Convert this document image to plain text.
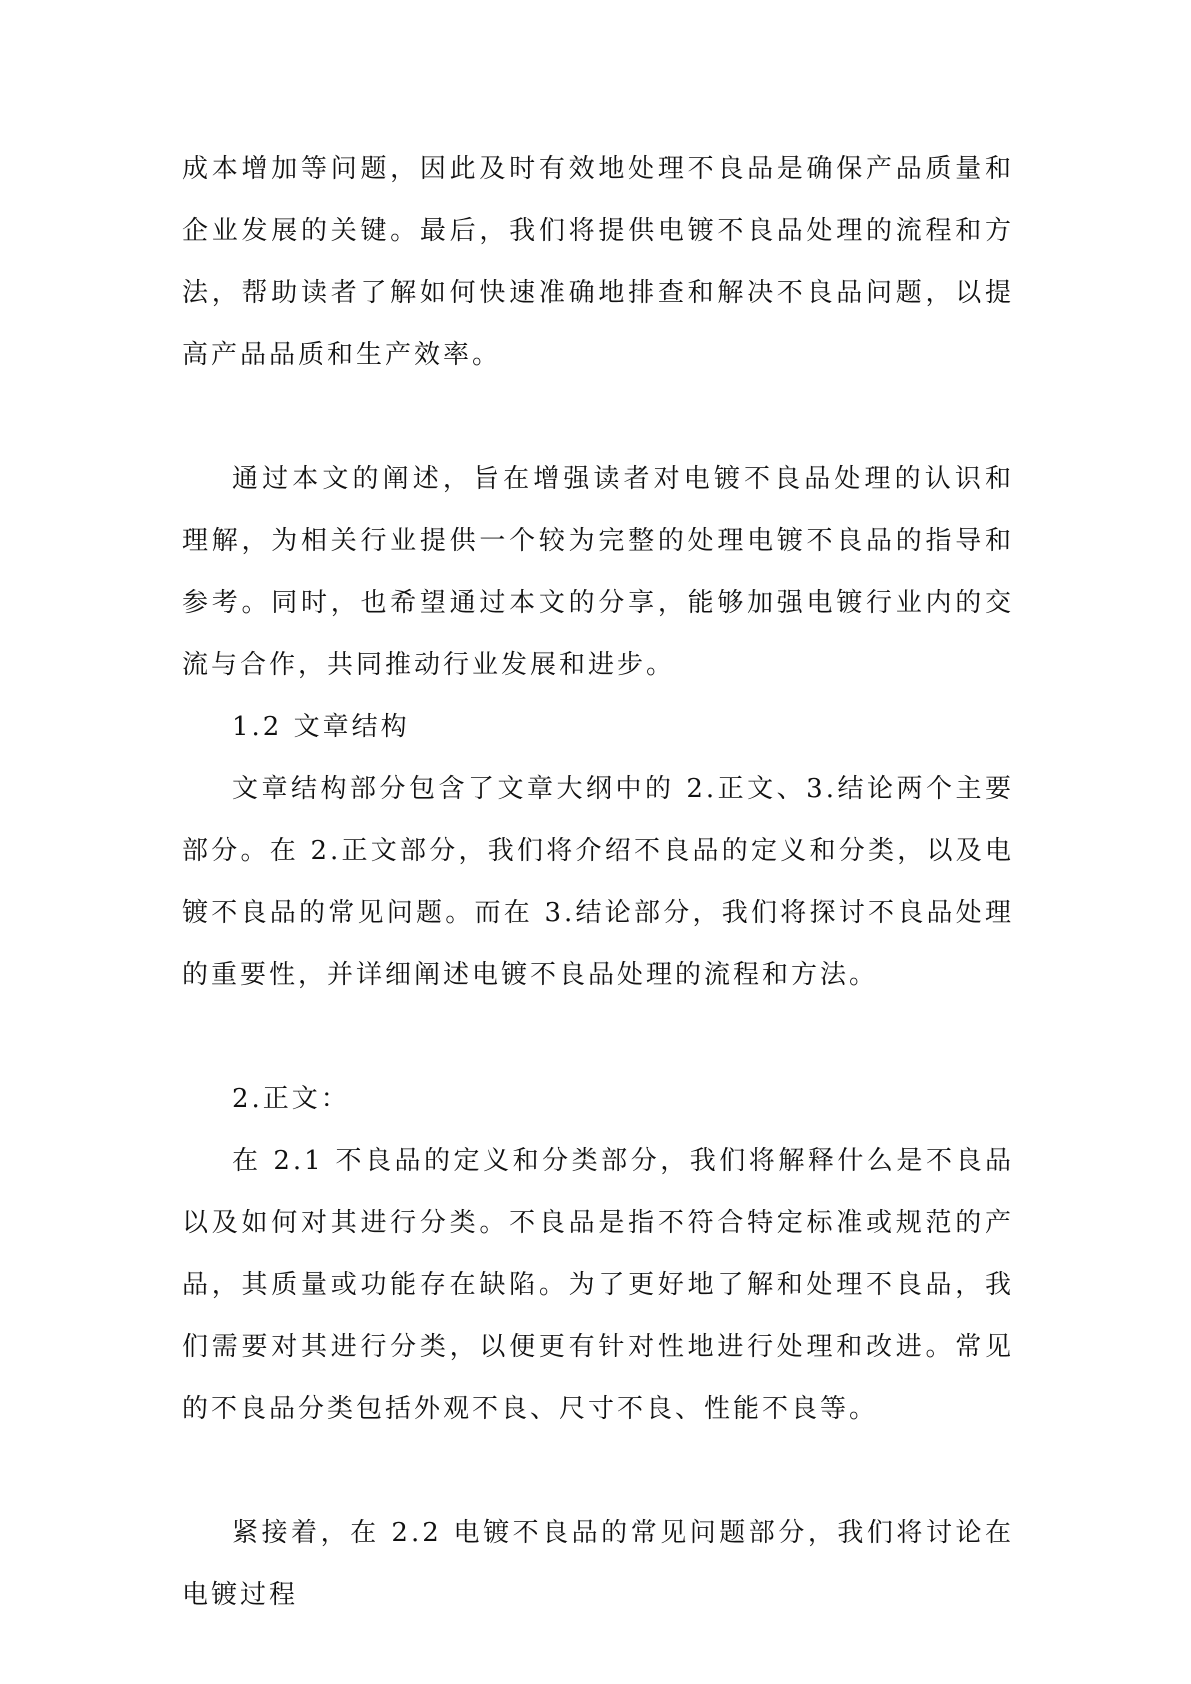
成本增加等问题，因此及时有效地处理不良品是确保产品质量和企业发展的关键。最后，我们将提供电镀不良品处理的流程和方法，帮助读者了解如何快速准确地排查和解决不良品问题，以提高产品品质和生产效率。

通过本文的阐述，旨在增强读者对电镀不良品处理的认识和理解，为相关行业提供一个较为完整的处理电镀不良品的指导和参考。同时，也希望通过本文的分享，能够加强电镀行业内的交流与合作，共同推动行业发展和进步。

1.2 文章结构

文章结构部分包含了文章大纲中的 2.正文、3.结论两个主要部分。在 2.正文部分，我们将介绍不良品的定义和分类，以及电镀不良品的常见问题。而在 3.结论部分，我们将探讨不良品处理的重要性，并详细阐述电镀不良品处理的流程和方法。

2.正文：

在 2.1 不良品的定义和分类部分，我们将解释什么是不良品以及如何对其进行分类。不良品是指不符合特定标准或规范的产品，其质量或功能存在缺陷。为了更好地了解和处理不良品，我们需要对其进行分类，以便更有针对性地进行处理和改进。常见的不良品分类包括外观不良、尺寸不良、性能不良等。

紧接着，在 2.2 电镀不良品的常见问题部分，我们将讨论在电镀过程
